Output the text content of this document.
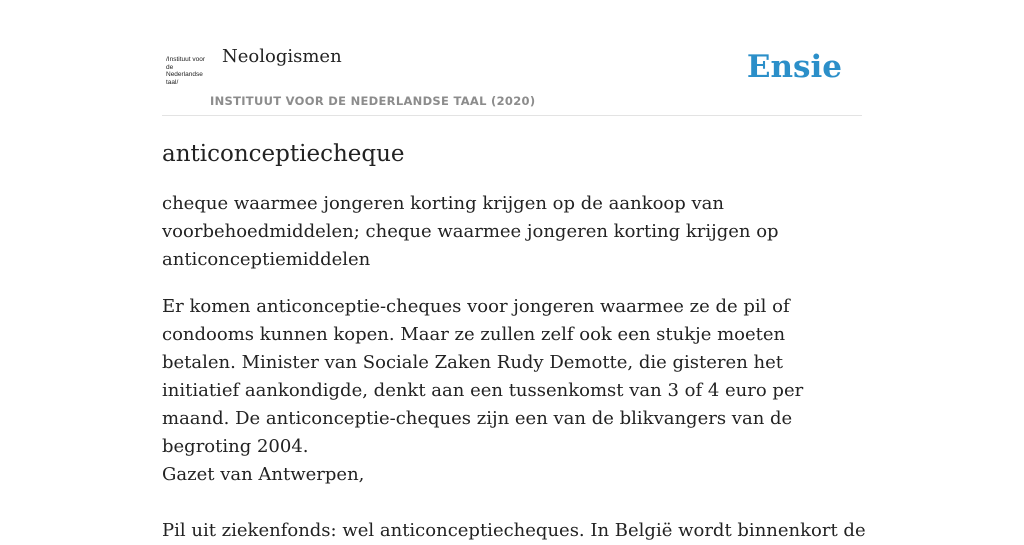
/Instituut voor de Nederlandse taal/
Neologismen
INSTITUUT VOOR DE NEDERLANDSE TAAL (2020)
Ensie
anticonceptiecheque

cheque waarmee jongeren korting krijgen op de aankoop van voorbehoedmiddelen; cheque waarmee jongeren korting krijgen op anticonceptiemiddelen

Er komen anticonceptie-cheques voor jongeren waarmee ze de pil of condooms kunnen kopen. Maar ze zullen zelf ook een stukje moeten betalen. Minister van Sociale Zaken Rudy Demotte, die gisteren het initiatief aankondigde, denkt aan een tussenkomst van 3 of 4 euro per maand. De anticonceptie-cheques zijn een van de blikvangers van de begroting 2004.
Gazet van Antwerpen,

Pil uit ziekenfonds: wel anticonceptiecheques. In België wordt binnenkort de
